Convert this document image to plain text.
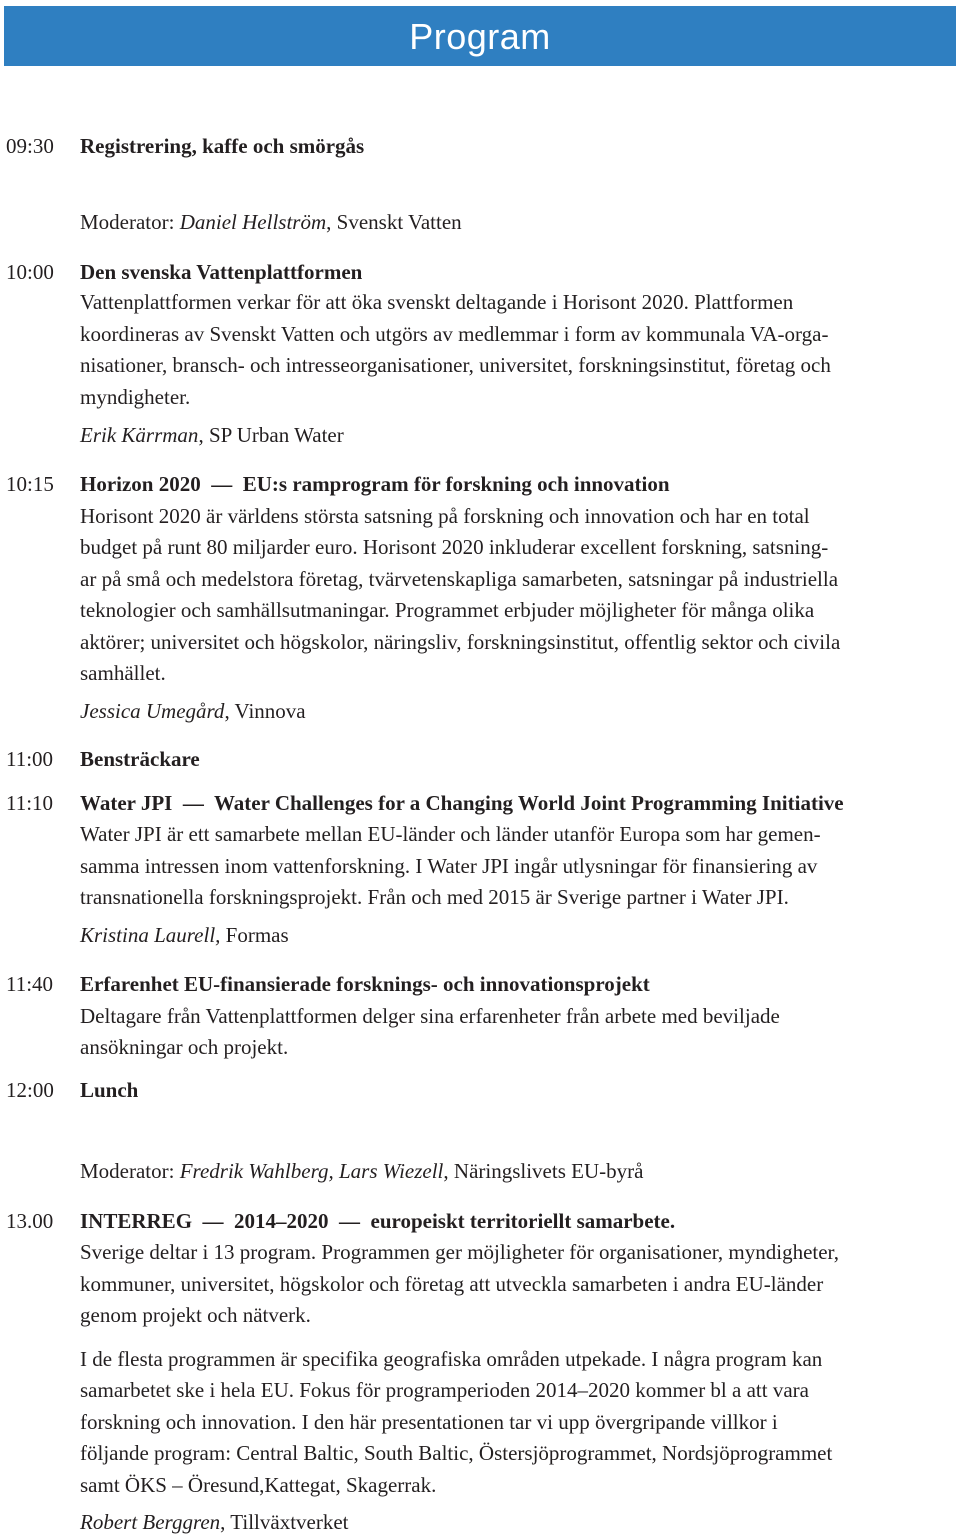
Program
09:30 Registrering, kaffe och smörgås
Moderator: Daniel Hellström, Svenskt Vatten
10:00 Den svenska Vattenplattformen
Vattenplattformen verkar för att öka svenskt deltagande i Horisont 2020. Plattformen
koordineras av Svenskt Vatten och utgörs av medlemmar i form av kommunala VA-orga-
nisationer, bransch- och intresseorganisationer, universitet, forskningsinstitut, företag och
myndigheter.
Erik Kärrman, SP Urban Water
10:15 Horizon 2020  —  EU:s ramprogram för forskning och innovation
Horisont 2020 är världens största satsning på forskning och innovation och har en total
budget på runt 80 miljarder euro. Horisont 2020 inkluderar excellent forskning, satsning-
ar på små och medelstora företag, tvärvetenskapliga samarbeten, satsningar på industriella
teknologier och samhällsutmaningar. Programmet erbjuder möjligheter för många olika
aktörer; universitet och högskolor, näringsliv, forskningsinstitut, offentlig sektor och civila
samhället.
Jessica Umegård, Vinnova
11:00 Bensträckare
11:10 Water JPI  —  Water Challenges for a Changing World Joint Programming Initiative
Water JPI är ett samarbete mellan EU-länder och länder utanför Europa som har gemen-
samma intressen inom vattenforskning. I Water JPI ingår utlysningar för finansiering av
transnationella forskningsprojekt. Från och med 2015 är Sverige partner i Water JPI.
Kristina Laurell, Formas
11:40 Erfarenhet EU-finansierade forsknings- och innovationsprojekt
Deltagare från Vattenplattformen delger sina erfarenheter från arbete med beviljade
ansökningar och projekt.
12:00 Lunch
Moderator: Fredrik Wahlberg, Lars Wiezell, Näringslivets EU-byrå
13.00 INTERREG  —  2014–2020  —  europeiskt territoriellt samarbete.
Sverige deltar i 13 program. Programmen ger möjligheter för organisationer, myndigheter,
kommuner, universitet, högskolor och företag att utveckla samarbeten i andra EU-länder
genom projekt och nätverk.
I de flesta programmen är specifika geografiska områden utpekade. I några program kan
samarbetet ske i hela EU. Fokus för programperioden 2014–2020 kommer bl a att vara
forskning och innovation. I den här presentationen tar vi upp övergripande villkor i
följande program: Central Baltic, South Baltic, Östersjöprogrammet, Nordsjöprogrammet
samt ÖKS – Öresund,Kattegat, Skagerrak.
Robert Berggren, Tillväxtverket
